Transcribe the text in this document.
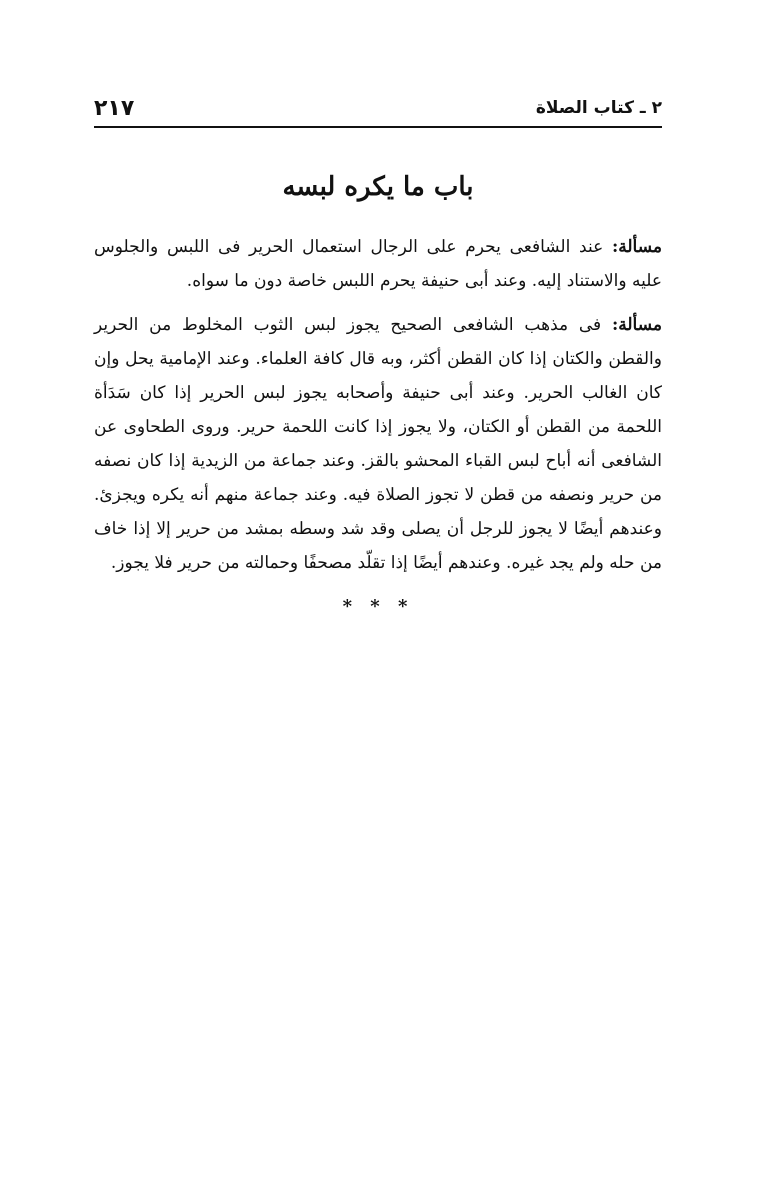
٢ ـ كتاب الصلاة
٢١٧
باب ما يكره لبسه

مسألة: عند الشافعى يحرم على الرجال استعمال الحرير فى اللبس والجلوس عليه والاستناد إليه. وعند أبى حنيفة يحرم اللبس خاصة دون ما سواه.

مسألة: فى مذهب الشافعى الصحيح يجوز لبس الثوب المخلوط من الحرير والقطن والكتان إذا كان القطن أكثر، وبه قال كافة العلماء. وعند الإمامية يحل وإن كان الغالب الحرير. وعند أبى حنيفة وأصحابه يجوز لبس الحرير إذا كان سَدَأة اللحمة من القطن أو الكتان، ولا يجوز إذا كانت اللحمة حرير. وروى الطحاوى عن الشافعى أنه أباح لبس القباء المحشو بالقز. وعند جماعة من الزيدية إذا كان نصفه من حرير ونصفه من قطن لا تجوز الصلاة فيه. وعند جماعة منهم أنه يكره ويجزئ. وعندهم أيضًا لا يجوز للرجل أن يصلى وقد شد وسطه بمشد من حرير إلا إذا خاف من حله ولم يجد غيره. وعندهم أيضًا إذا تقلّد مصحفًا وحمالته من حرير فلا يجوز.

* * *
